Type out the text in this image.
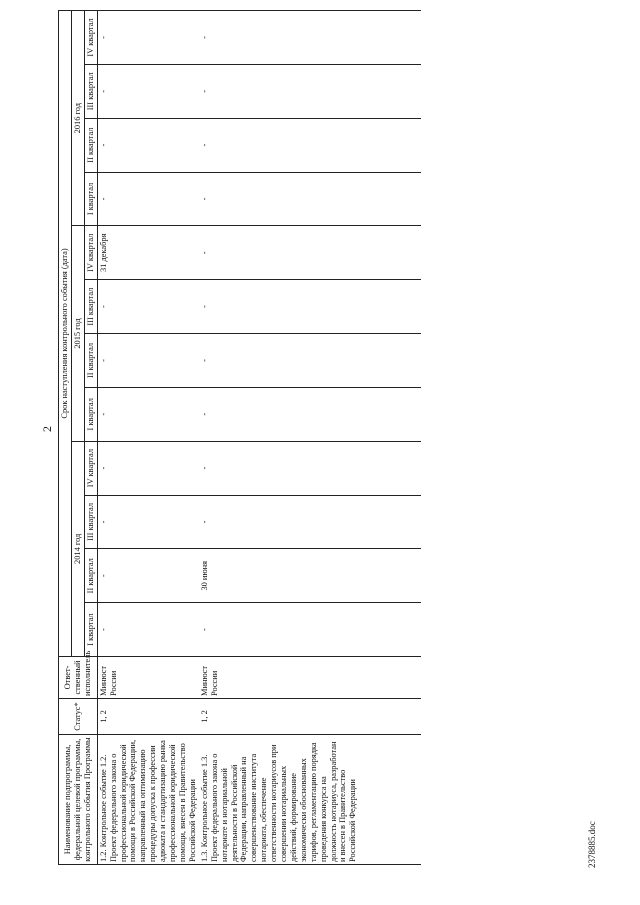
2
Наименование подпрограммы, федеральной целевой программы, контрольного события Программы	Статус*	Ответ- ственный исполнитель	Срок наступления контрольного события (дата)											
			2014 год				2015 год				2016 год			
			I квартал	II квартал	III квартал	IV квартал	I квартал	II квартал	III квартал	IV квартал	I квартал	II квартал	III квартал	IV квартал
1.2. Контрольное событие 1.2. Проект федерального закона о профессиональной юридической помощи в Российской Федерации, направленный на оптимизацию процедуры допуска к профессии адвоката и стандартизацию рынка профессиональной юридической помощи, внесен в Правительство Российской Федерации	1, 2	Минюст России	-	-	-	-	-	-	-	31 декабря	-	-	-	-
1.3. Контрольное событие 1.3. Проект федерального закона о нотариате и нотариальной деятельности в Российской Федерации, направленный на совершенствование института нотариата, обеспечение ответственности нотариусов при совершении нотариальных действий, формирование экономически обоснованных тарифов, регламентацию порядка проведения конкурса на должность нотариуса, разработан и внесен в Правительство Российской Федерации	1, 2	Минюст России	-	30 июня	-	-	-	-	-	-	-	-	-	-

2378885.doc
